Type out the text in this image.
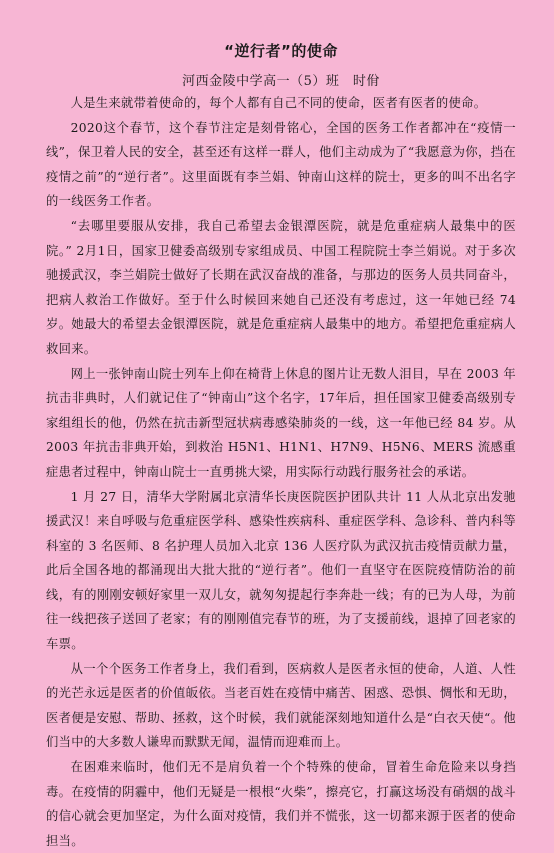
“逆行者”的使命
河西金陵中学高一（5）班　时佾

人是生来就带着使命的，每个人都有自己不同的使命，医者有医者的使命。

2020这个春节，这个春节注定是刻骨铭心，全国的医务工作者都冲在“疫情一线”，保卫着人民的安全，甚至还有这样一群人，他们主动成为了“我愿意为你，挡在疫情之前”的“逆行者”。这里面既有李兰娟、钟南山这样的院士，更多的叫不出名字的一线医务工作者。

“去哪里要服从安排，我自己希望去金银潭医院，就是危重症病人最集中的医院。” 2月1日，国家卫健委高级别专家组成员、中国工程院院士李兰娟说。对于多次驰援武汉，李兰娟院士做好了长期在武汉奋战的准备，与那边的医务人员共同奋斗，把病人救治工作做好。至于什么时候回来她自己还没有考虑过，这一年她已经 74 岁。她最大的希望去金银潭医院，就是危重症病人最集中的地方。希望把危重症病人救回来。

网上一张钟南山院士列车上仰在椅背上休息的图片让无数人泪目，早在 2003 年抗击非典时，人们就记住了“钟南山”这个名字，17年后，担任国家卫健委高级别专家组组长的他，仍然在抗击新型冠状病毒感染肺炎的一线，这一年他已经 84 岁。从 2003 年抗击非典开始，到救治 H5N1、H1N1、H7N9、H5N6、MERS 流感重症患者过程中，钟南山院士一直勇挑大梁，用实际行动践行服务社会的承诺。

1 月 27 日，清华大学附属北京清华长庚医院医护团队共计 11 人从北京出发驰援武汉！来自呼吸与危重症医学科、感染性疾病科、重症医学科、急诊科、普内科等科室的 3 名医师、8 名护理人员加入北京 136 人医疗队为武汉抗击疫情贡献力量，此后全国各地的都涌现出大批大批的“逆行者”。他们一直坚守在医院疫情防治的前线，有的刚刚安顿好家里一双儿女，就匆匆提起行李奔赴一线；有的已为人母，为前往一线把孩子送回了老家；有的刚刚值完春节的班，为了支援前线，退掉了回老家的车票。

从一个个医务工作者身上，我们看到，医病救人是医者永恒的使命，人道、人性的光芒永远是医者的价值皈依。当老百姓在疫情中痛苦、困惑、恐惧、惆怅和无助，医者便是安慰、帮助、拯救，这个时候，我们就能深刻地知道什么是“白衣天使“。他们当中的大多数人谦卑而默默无闻，温情而迎难而上。

在困难来临时，他们无不是肩负着一个个特殊的使命，冒着生命危险来以身挡毒。在疫情的阴霾中，他们无疑是一根根“火柴”，擦亮它，打赢这场没有硝烟的战斗的信心就会更加坚定，为什么面对疫情，我们并不慌张，这一切都来源于医者的使命担当。
